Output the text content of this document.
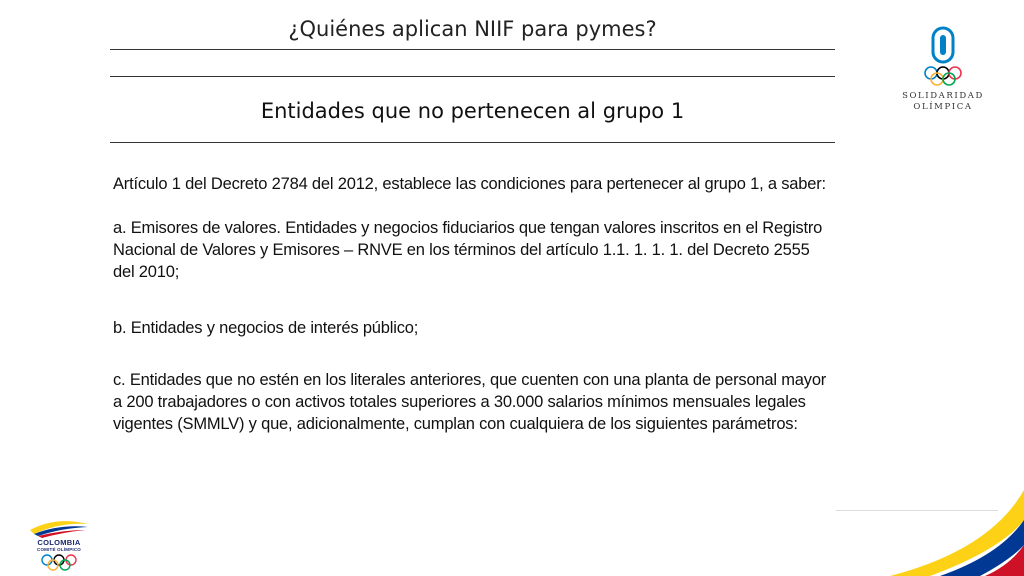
¿Quiénes aplican NIIF para pymes?
Entidades que no pertenecen al grupo 1

Artículo 1 del Decreto 2784 del 2012, establece las condiciones para pertenecer al grupo 1, a saber:

a. Emisores de valores. Entidades y negocios fiduciarios que tengan valores inscritos en el Registro Nacional de Valores y Emisores – RNVE en los términos del artículo 1.1. 1. 1. 1. del Decreto 2555 del 2010;

b. Entidades y negocios de interés público;

c. Entidades que no estén en los literales anteriores, que cuenten con una planta de personal mayor a 200 trabajadores o con activos totales superiores a 30.000 salarios mínimos mensuales legales vigentes (SMMLV) y que, adicionalmente, cumplan con cualquiera de los siguientes parámetros:

SOLIDARIDAD
OLÍMPICA
COLOMBIA
COMITÉ OLÍMPICO
